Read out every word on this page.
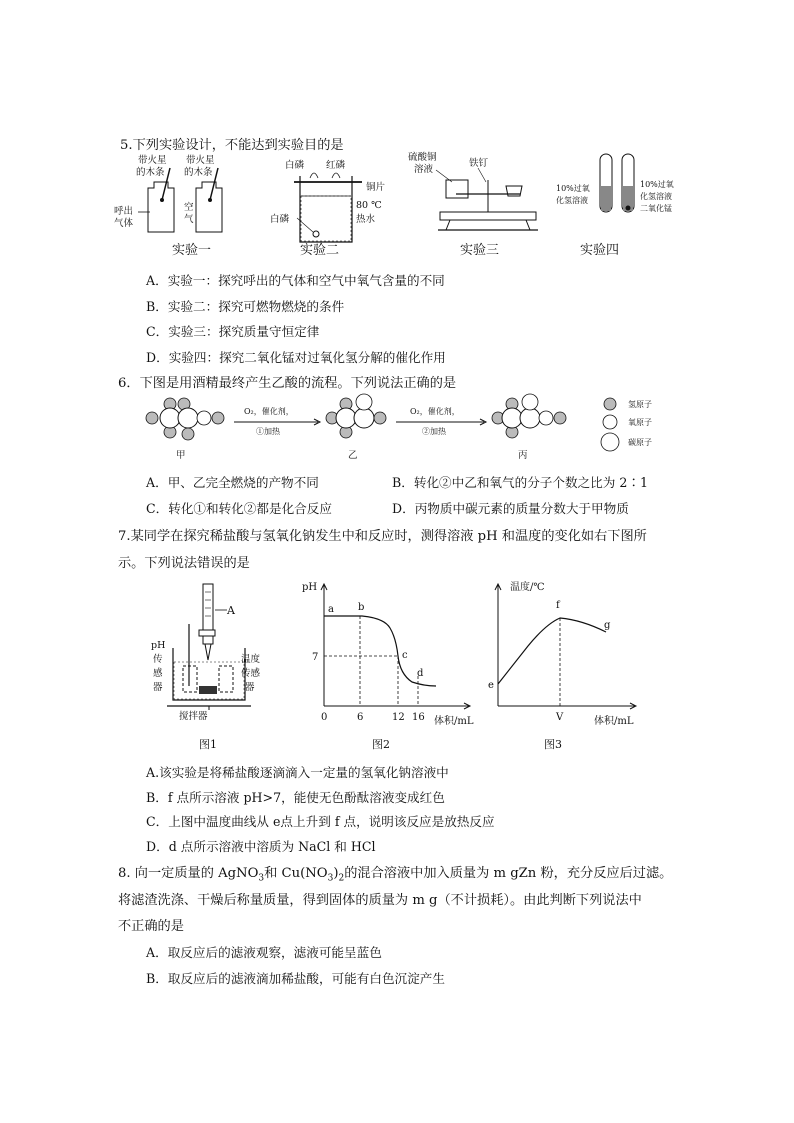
5.下列实验设计，不能达到实验目的是
带火星
的木条
带火星
的木条
呼出
气体
空
气
白磷 红磷
铜片
80 ℃
热水
白磷
硫酸铜
溶液
铁钉
10%过氧
化氢溶液
10%过氧
化氢溶液
二氧化锰
实验一	实验二	实验三	实验四
A．实验一：探究呼出的气体和空气中氧气含量的不同
B．实验二：探究可燃物燃烧的条件
C．实验三：探究质量守恒定律
D．实验四：探究二氧化锰对过氧化氢分解的催化作用
6．下图是用酒精最终产生乙酸的流程。下列说法正确的是
甲
O₂，催化剂，
①加热
乙
O₂，催化剂，
②加热
丙
氢原子
氧原子
碳原子
A．甲、乙完全燃烧的产物不同	B．转化②中乙和氧气的分子个数之比为 2∶1
C．转化①和转化②都是化合反应	D．丙物质中碳元素的质量分数大于甲物质
7.某同学在探究稀盐酸与氢氧化钠发生中和反应时，测得溶液 pH 和温度的变化如右下图所
示。下列说法错误的是
A
pH
传
感
器
温度
传感
器
搅拌器
图1
pH
7
a b
c
d
0	6	12 16 体积/mL
图2
温度/℃
e
f
g
V	体积/mL
图3
A.该实验是将稀盐酸逐滴滴入一定量的氢氧化钠溶液中
B．f 点所示溶液 pH>7，能使无色酚酞溶液变成红色
C．上图中温度曲线从 e点上升到 f 点，说明该反应是放热反应
D．d 点所示溶液中溶质为 NaCl 和 HCl
8. 向一定质量的 AgNO$_3$和 $Cu(NO_3)_2$的混合溶液中加入质量为 m gZn 粉，充分反应后过滤。
将滤渣洗涤、干燥后称量质量，得到固体的质量为 m g（不计损耗）。由此判断下列说法中
不正确的是
A．取反应后的滤液观察，滤液可能呈蓝色
B．取反应后的滤液滴加稀盐酸，可能有白色沉淀产生
